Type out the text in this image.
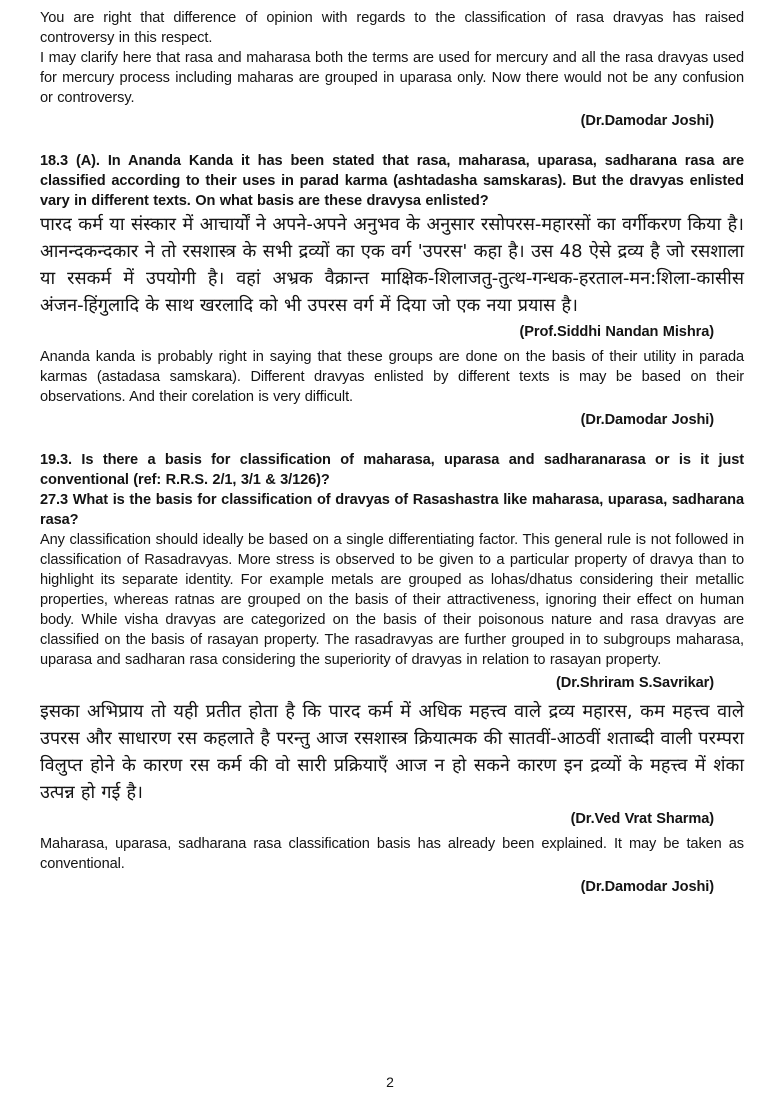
You are right that difference of opinion with regards to the classification of rasa dravyas has raised controversy in this respect.
I may clarify here that rasa and maharasa both the terms are used for mercury and all the rasa dravyas used for mercury process including maharas are grouped in uparasa only. Now there would not be any confusion or controversy.
(Dr.Damodar Joshi)
18.3 (A). In Ananda Kanda it has been stated that rasa, maharasa, uparasa, sadharana rasa are classified according to their uses in parad karma (ashtadasha samskaras). But the dravyas enlisted vary in different texts. On what basis are these dravysa enlisted?
पारद कर्म या संस्कार में आचार्यों ने अपने-अपने अनुभव के अनुसार रसोपरस-महारसों का वर्गीकरण किया है। आनन्दकन्दकार ने तो रसशास्त्र के सभी द्रव्यों का एक वर्ग 'उपरस' कहा है। उस 48 ऐसे द्रव्य है जो रसशाला या रसकर्म में उपयोगी है। वहां अभ्रक वैक्रान्त माक्षिक-शिलाजतु-तुत्थ-गन्धक-हरताल-मन:शिला-कासीस अंजन-हिंगुलादि के साथ खरलादि को भी उपरस वर्ग में दिया जो एक नया प्रयास है।
(Prof.Siddhi Nandan Mishra)
Ananda kanda is probably right in saying that these groups are done on the basis of their utility in parada karmas (astadasa samskara). Different dravyas enlisted by different texts is may be based on their observations. And their corelation is very difficult.
(Dr.Damodar Joshi)
19.3. Is there a basis for classification of maharasa, uparasa and sadharanarasa or is it just conventional (ref: R.R.S. 2/1, 3/1 & 3/126)?
27.3 What is the basis for classification of dravyas of Rasashastra like maharasa, uparasa, sadharana rasa?
Any classification should ideally be based on a single differentiating factor. This general rule is not followed in classification of Rasadravyas. More stress is observed to be given to a particular property of dravya than to highlight its separate identity. For example metals are grouped as lohas/dhatus considering their metallic properties, whereas ratnas are grouped on the basis of their attractiveness, ignoring their effect on human body. While visha dravyas are categorized on the basis of their poisonous nature and rasa dravyas are classified on the basis of rasayan property. The rasadravyas are further grouped in to subgroups maharasa, uparasa and sadharan rasa considering the superiority of dravyas in relation to rasayan property.
(Dr.Shriram S.Savrikar)
इसका अभिप्राय तो यही प्रतीत होता है कि पारद कर्म में अधिक महत्त्व वाले द्रव्य महारस, कम महत्त्व वाले उपरस और साधारण रस कहलाते है परन्तु आज रसशास्त्र क्रियात्मक की सातवीं-आठवीं शताब्दी वाली परम्परा विलुप्त होने के कारण रस कर्म की वो सारी प्रक्रियाएँ आज न हो सकने कारण इन द्रव्यों के महत्त्व में शंका उत्पन्न हो गई है।
(Dr.Ved Vrat Sharma)
Maharasa, uparasa, sadharana rasa classification basis has already been explained. It may be taken as conventional.
(Dr.Damodar Joshi)
2
